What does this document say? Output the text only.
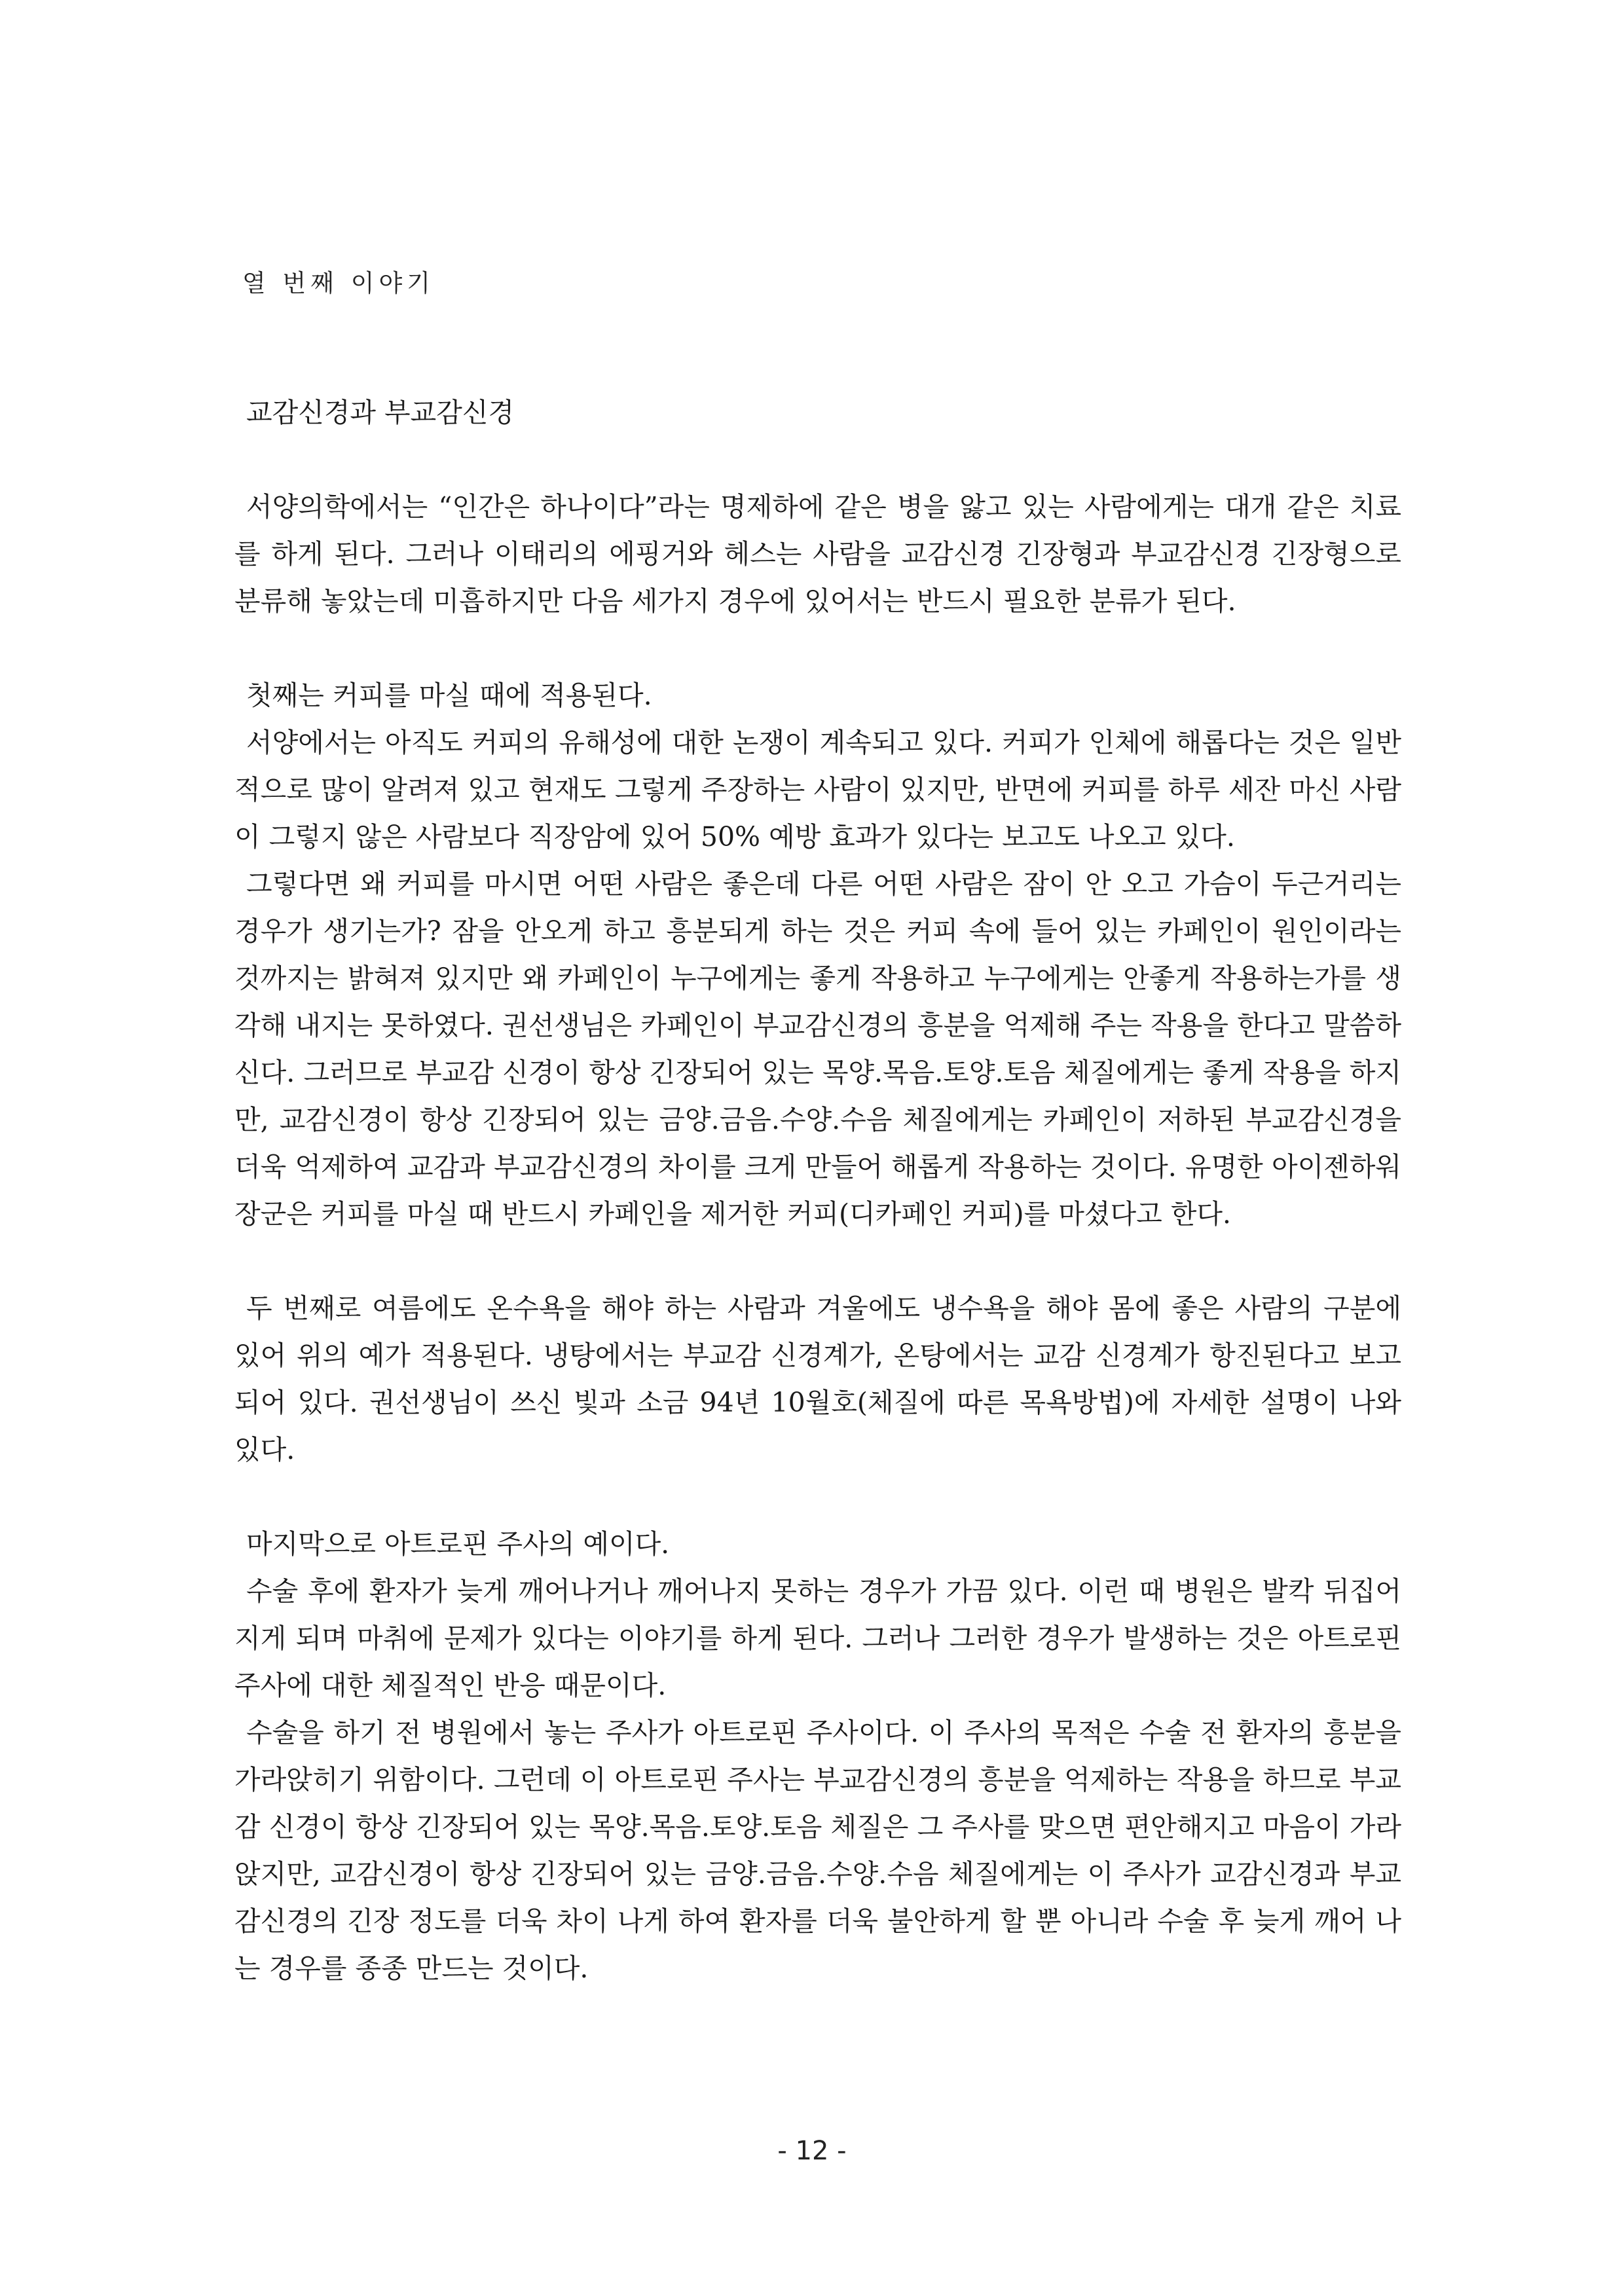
열 번째 이야기
교감신경과 부교감신경

서양의학에서는 “인간은 하나이다”라는 명제하에 같은 병을 앓고 있는 사람에게는 대개 같은 치료를 하게 된다. 그러나 이태리의 에핑거와 헤스는 사람을 교감신경 긴장형과 부교감신경 긴장형으로 분류해 놓았는데 미흡하지만 다음 세가지 경우에 있어서는 반드시 필요한 분류가 된다.

첫째는 커피를 마실 때에 적용된다.

서양에서는 아직도 커피의 유해성에 대한 논쟁이 계속되고 있다. 커피가 인체에 해롭다는 것은 일반적으로 많이 알려져 있고 현재도 그렇게 주장하는 사람이 있지만, 반면에 커피를 하루 세잔 마신 사람이 그렇지 않은 사람보다 직장암에 있어 50% 예방 효과가 있다는 보고도 나오고 있다.

그렇다면 왜 커피를 마시면 어떤 사람은 좋은데 다른 어떤 사람은 잠이 안 오고 가슴이 두근거리는 경우가 생기는가? 잠을 안오게 하고 흥분되게 하는 것은 커피 속에 들어 있는 카페인이 원인이라는 것까지는 밝혀져 있지만 왜 카페인이 누구에게는 좋게 작용하고 누구에게는 안좋게 작용하는가를 생각해 내지는 못하였다. 권선생님은 카페인이 부교감신경의 흥분을 억제해 주는 작용을 한다고 말씀하신다. 그러므로 부교감 신경이 항상 긴장되어 있는 목양.목음.토양.토음 체질에게는 좋게 작용을 하지만, 교감신경이 항상 긴장되어 있는 금양.금음.수양.수음 체질에게는 카페인이 저하된 부교감신경을 더욱 억제하여 교감과 부교감신경의 차이를 크게 만들어 해롭게 작용하는 것이다. 유명한 아이젠하워 장군은 커피를 마실 때 반드시 카페인을 제거한 커피(디카페인 커피)를 마셨다고 한다.

두 번째로 여름에도 온수욕을 해야 하는 사람과 겨울에도 냉수욕을 해야 몸에 좋은 사람의 구분에 있어 위의 예가 적용된다. 냉탕에서는 부교감 신경계가, 온탕에서는 교감 신경계가 항진된다고 보고되어 있다. 권선생님이 쓰신 빛과 소금 94년 10월호(체질에 따른 목욕방법)에 자세한 설명이 나와 있다.

마지막으로 아트로핀 주사의 예이다.

수술 후에 환자가 늦게 깨어나거나 깨어나지 못하는 경우가 가끔 있다. 이런 때 병원은 발칵 뒤집어지게 되며 마취에 문제가 있다는 이야기를 하게 된다. 그러나 그러한 경우가 발생하는 것은 아트로핀 주사에 대한 체질적인 반응 때문이다.

수술을 하기 전 병원에서 놓는 주사가 아트로핀 주사이다. 이 주사의 목적은 수술 전 환자의 흥분을 가라앉히기 위함이다. 그런데 이 아트로핀 주사는 부교감신경의 흥분을 억제하는 작용을 하므로 부교감 신경이 항상 긴장되어 있는 목양.목음.토양.토음 체질은 그 주사를 맞으면 편안해지고 마음이 가라앉지만, 교감신경이 항상 긴장되어 있는 금양.금음.수양.수음 체질에게는 이 주사가 교감신경과 부교감신경의 긴장 정도를 더욱 차이 나게 하여 환자를 더욱 불안하게 할 뿐 아니라 수술 후 늦게 깨어 나는 경우를 종종 만드는 것이다.

- 12 -
